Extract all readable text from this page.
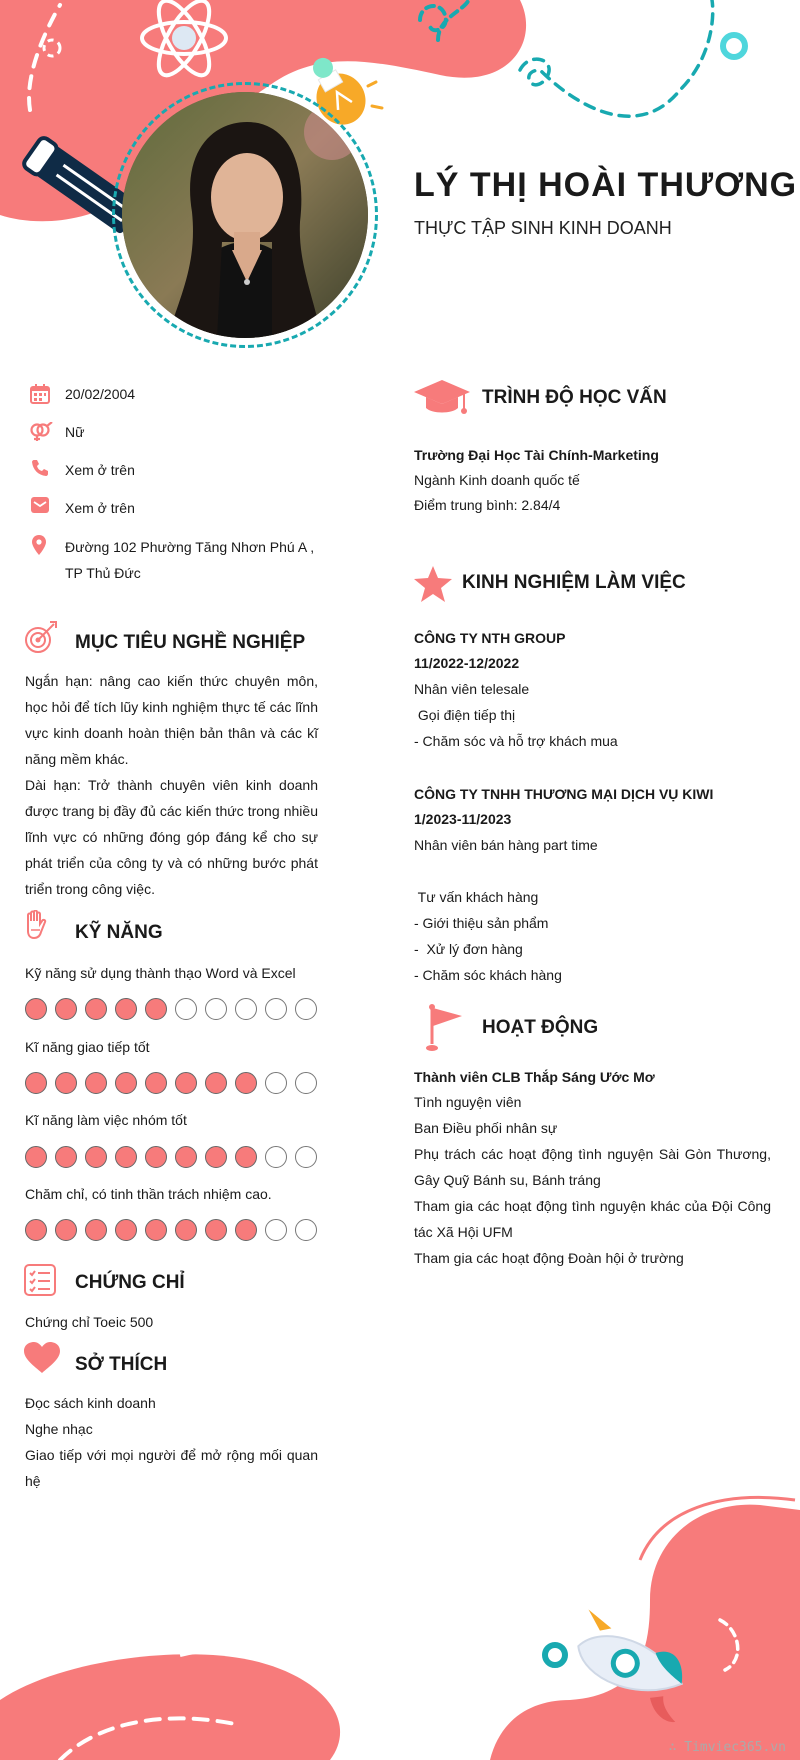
LÝ THỊ HOÀI THƯƠNG
THỰC TẬP SINH KINH DOANH
20/02/2004
Nữ
Xem ở trên
Xem ở trên
Đường 102 Phường Tăng Nhơn Phú A ,
TP Thủ Đức
MỤC TIÊU NGHỀ NGHIỆP
Ngắn hạn: nâng cao kiến thức chuyên môn,
học hỏi để tích lũy kinh nghiệm thực tế các lĩnh
vực kinh doanh hoàn thiện bản thân và các kĩ
năng mềm khác.
Dài hạn: Trở thành chuyên viên kinh doanh
được trang bị đầy đủ các kiến thức trong nhiều
lĩnh vực có những đóng góp đáng kể cho sự
phát triển của công ty và có những bước phát
triển trong công việc.
KỸ NĂNG
Kỹ năng sử dụng thành thạo Word và Excel
Kĩ năng giao tiếp tốt
Kĩ năng làm việc nhóm tốt
Chăm chỉ, có tinh thần trách nhiệm cao.
CHỨNG CHỈ
Chứng chỉ Toeic 500
SỞ THÍCH
Đọc sách kinh doanh
Nghe nhạc
Giao tiếp với mọi người để mở rộng mối quan
hệ
TRÌNH ĐỘ HỌC VẤN
Trường Đại Học Tài Chính-Marketing
Ngành Kinh doanh quốc tế
Điểm trung bình: 2.84/4
KINH NGHIỆM LÀM VIỆC
CÔNG TY NTH GROUP
11/2022-12/2022
Nhân viên telesale
Gọi điện tiếp thị
- Chăm sóc và hỗ trợ khách mua
CÔNG TY TNHH THƯƠNG MẠI DỊCH VỤ KIWI
1/2023-11/2023
Nhân viên bán hàng part time
Tư vấn khách hàng
- Giới thiệu sản phẩm
-  Xử lý đơn hàng
- Chăm sóc khách hàng
HOẠT ĐỘNG
Thành viên CLB Thắp Sáng Ước Mơ
Tình nguyện viên
Ban Điều phối nhân sự
Phụ trách các hoạt động tình nguyện Sài Gòn Thương,
Gây Quỹ Bánh su, Bánh tráng
Tham gia các hoạt động tình nguyện khác của Đội Công
tác Xã Hội UFM
Tham gia các hoạt động Đoàn hội ở trường
∴ Timviec365.vn
